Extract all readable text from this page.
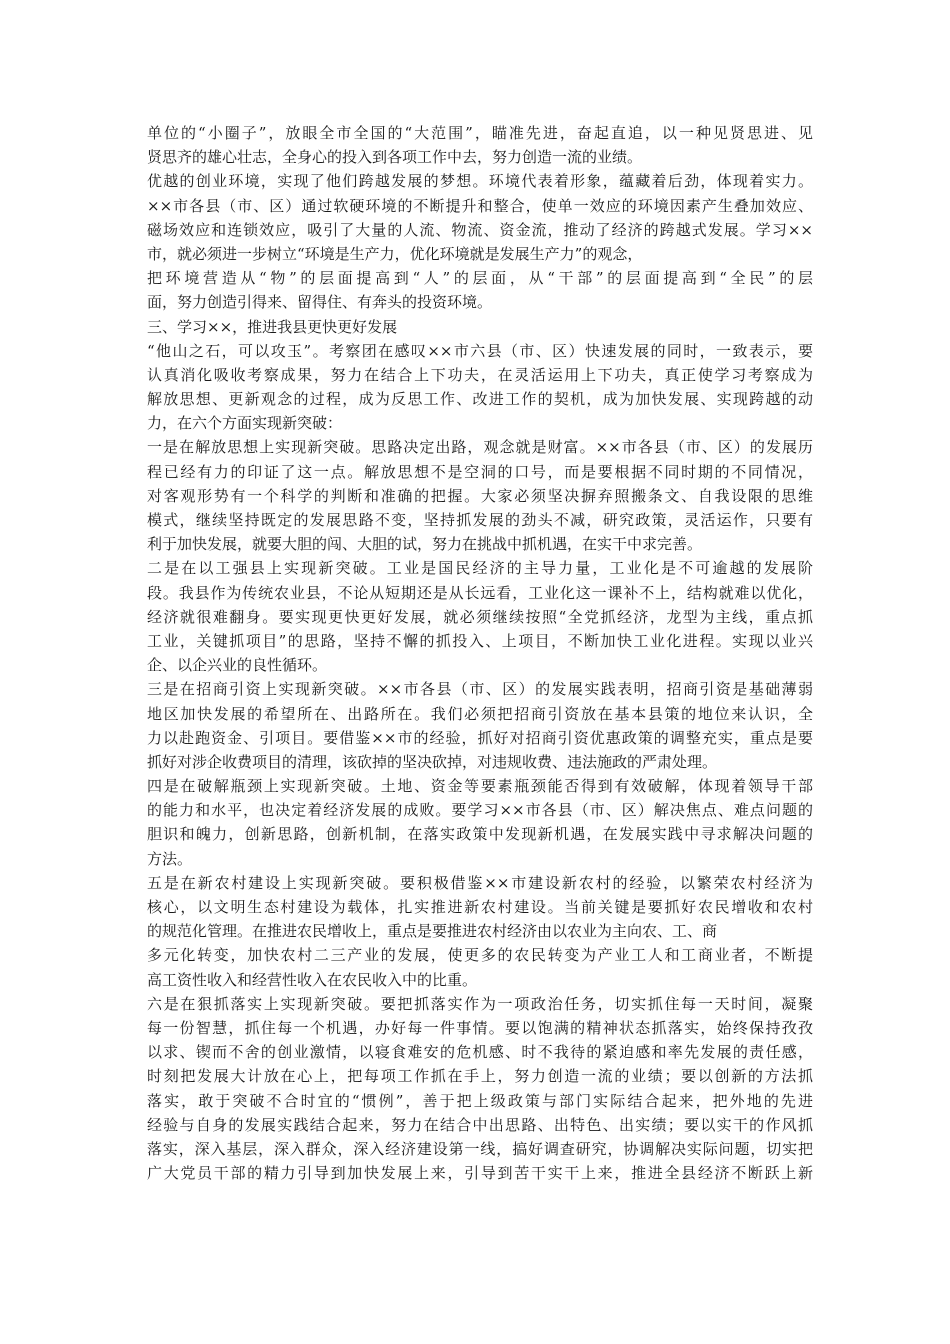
单位的“小圈子”，放眼全市全国的“大范围”，瞄准先进，奋起直追，以一种见贤思进、见
贤思齐的雄心壮志，全身心的投入到各项工作中去，努力创造一流的业绩。
优越的创业环境，实现了他们跨越发展的梦想。环境代表着形象，蕴藏着后劲，体现着实力。
××市各县（市、区）通过软硬环境的不断提升和整合，使单一效应的环境因素产生叠加效应、
磁场效应和连锁效应，吸引了大量的人流、物流、资金流，推动了经济的跨越式发展。学习××
市，就必须进一步树立“环境是生产力，优化环境就是发展生产力”的观念，
把环境营造从“物”的层面提高到“人”的层面，从“干部”的层面提高到“全民”的层
面，努力创造引得来、留得住、有奔头的投资环境。
三、学习××，推进我县更快更好发展
“他山之石，可以攻玉”。考察团在感叹××市六县（市、区）快速发展的同时，一致表示，要
认真消化吸收考察成果，努力在结合上下功夫，在灵活运用上下功夫，真正使学习考察成为
解放思想、更新观念的过程，成为反思工作、改进工作的契机，成为加快发展、实现跨越的动
力，在六个方面实现新突破：
一是在解放思想上实现新突破。思路决定出路，观念就是财富。××市各县（市、区）的发展历
程已经有力的印证了这一点。解放思想不是空洞的口号，而是要根据不同时期的不同情况，
对客观形势有一个科学的判断和准确的把握。大家必须坚决摒弃照搬条文、自我设限的思维
模式，继续坚持既定的发展思路不变，坚持抓发展的劲头不减，研究政策，灵活运作，只要有
利于加快发展，就要大胆的闯、大胆的试，努力在挑战中抓机遇，在实干中求完善。
二是在以工强县上实现新突破。工业是国民经济的主导力量，工业化是不可逾越的发展阶
段。我县作为传统农业县，不论从短期还是从长远看，工业化这一课补不上，结构就难以优化，
经济就很难翻身。要实现更快更好发展，就必须继续按照“全党抓经济，龙型为主线，重点抓
工业，关键抓项目”的思路，坚持不懈的抓投入、上项目，不断加快工业化进程。实现以业兴
企、以企兴业的良性循环。
三是在招商引资上实现新突破。××市各县（市、区）的发展实践表明，招商引资是基础薄弱
地区加快发展的希望所在、出路所在。我们必须把招商引资放在基本县策的地位来认识，全
力以赴跑资金、引项目。要借鉴××市的经验，抓好对招商引资优惠政策的调整充实，重点是要
抓好对涉企收费项目的清理，该砍掉的坚决砍掉，对违规收费、违法施政的严肃处理。
四是在破解瓶颈上实现新突破。土地、资金等要素瓶颈能否得到有效破解，体现着领导干部
的能力和水平，也决定着经济发展的成败。要学习××市各县（市、区）解决焦点、难点问题的
胆识和魄力，创新思路，创新机制，在落实政策中发现新机遇，在发展实践中寻求解决问题的
方法。
五是在新农村建设上实现新突破。要积极借鉴××市建设新农村的经验，以繁荣农村经济为
核心，以文明生态村建设为载体，扎实推进新农村建设。当前关键是要抓好农民增收和农村
的规范化管理。在推进农民增收上，重点是要推进农村经济由以农业为主向农、工、商
多元化转变，加快农村二三产业的发展，使更多的农民转变为产业工人和工商业者，不断提
高工资性收入和经营性收入在农民收入中的比重。
六是在狠抓落实上实现新突破。要把抓落实作为一项政治任务，切实抓住每一天时间，凝聚
每一份智慧，抓住每一个机遇，办好每一件事情。要以饱满的精神状态抓落实，始终保持孜孜
以求、锲而不舍的创业激情，以寝食难安的危机感、时不我待的紧迫感和率先发展的责任感，
时刻把发展大计放在心上，把每项工作抓在手上，努力创造一流的业绩；要以创新的方法抓
落实，敢于突破不合时宜的“惯例”，善于把上级政策与部门实际结合起来，把外地的先进
经验与自身的发展实践结合起来，努力在结合中出思路、出特色、出实绩；要以实干的作风抓
落实，深入基层，深入群众，深入经济建设第一线，搞好调查研究，协调解决实际问题，切实把
广大党员干部的精力引导到加快发展上来，引导到苦干实干上来，推进全县经济不断跃上新
